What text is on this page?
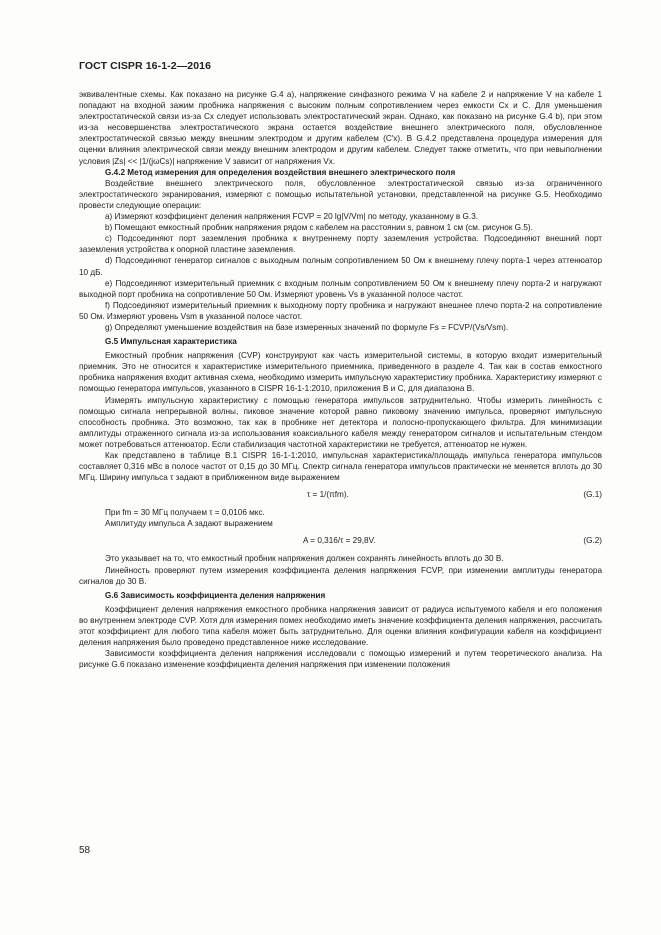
ГОСТ CISPR 16-1-2—2016

эквивалентные схемы. Как показано на рисунке G.4 a), напряжение синфазного режима V на кабеле 2 и напряжение V на кабеле 1 попадают на входной зажим пробника напряжения с высоким полным сопротивлением через емкости Cx и C. Для уменьшения электростатической связи из-за Cx следует использовать электростатический экран. Однако, как показано на рисунке G.4 b), при этом из-за несовершенства электростатического экрана остается воздействие внешнего электрического поля, обусловленное электростатической связью между внешним электродом и другим кабелем (C′x). В G.4.2 представлена процедура измерения для оценки влияния электрической связи между внешним электродом и другим кабелем. Следует также отметить, что при невыполнении условия |Zs| << |1/(jωCs)| напряжение V зависит от напряжения Vx.

G.4.2 Метод измерения для определения воздействия внешнего электрического поля

Воздействие внешнего электрического поля, обусловленное электростатической связью из-за ограниченного электростатического экранирования, измеряют с помощью испытательной установки, представленной на рисунке G.5. Необходимо провести следующие операции:

a) Измеряют коэффициент деления напряжения FCVP = 20 lg|V/Vm| по методу, указанному в G.3.

b) Помещают емкостный пробник напряжения рядом с кабелем на расстоянии s, равном 1 см (см. рисунок G.5).

c) Подсоединяют порт заземления пробника к внутреннему порту заземления устройства. Подсоединяют внешний порт заземления устройства к опорной пластине заземления.

d) Подсоединяют генератор сигналов с выходным полным сопротивлением 50 Ом к внешнему плечу порта-1 через аттенюатор 10 дБ.

e) Подсоединяют измерительный приемник с входным полным сопротивлением 50 Ом к внешнему плечу порта-2 и нагружают выходной порт пробника на сопротивление 50 Ом. Измеряют уровень Vs в указанной полосе частот.

f) Подсоединяют измерительный приемник к выходному порту пробника и нагружают внешнее плечо порта-2 на сопротивление 50 Ом. Измеряют уровень Vsm в указанной полосе частот.

g) Определяют уменьшение воздействия на базе измеренных значений по формуле Fs = FCVP/(Vs/Vsm).

G.5 Импульсная характеристика

Емкостный пробник напряжения (CVP) конструируют как часть измерительной системы, в которую входит измерительный приемник. Это не относится к характеристике измерительного приемника, приведенного в разделе 4. Так как в состав емкостного пробника напряжения входит активная схема, необходимо измерить импульсную характеристику пробника. Характеристику измеряют с помощью генератора импульсов, указанного в CISPR 16-1-1:2010, приложения B и C, для диапазона B.

Измерять импульсную характеристику с помощью генератора импульсов затруднительно. Чтобы измерить линейность с помощью сигнала непрерывной волны, пиковое значение которой равно пиковому значению импульса, проверяют импульсную способность пробника. Это возможно, так как в пробнике нет детектора и полосно-пропускающего фильтра. Для минимизации амплитуды отраженного сигнала из-за использования коаксиального кабеля между генератором сигналов и испытательным стендом может потребоваться аттенюатор. Если стабилизация частотной характеристики не требуется, аттенюатор не нужен.

Как представлено в таблице B.1 CISPR 16-1-1:2010, импульсная характеристика/площадь импульса генератора импульсов составляет 0,316 мВс в полосе частот от 0,15 до 30 МГц. Спектр сигнала генератора импульсов практически не меняется вплоть до 30 МГц. Ширину импульса τ задают в приближенном виде выражением

τ = 1/(πfm).	(G.1)

При fm = 30 МГц получаем τ = 0,0106 мкс.

Амплитуду импульса A задают выражением

A = 0,316/τ = 29,8V.	(G.2)

Это указывает на то, что емкостный пробник напряжения должен сохранять линейность вплоть до 30 В.

Линейность проверяют путем измерения коэффициента деления напряжения FCVP, при изменении амплитуды генератора сигналов до 30 В.

G.6 Зависимость коэффициента деления напряжения

Коэффициент деления напряжения емкостного пробника напряжения зависит от радиуса испытуемого кабеля и его положения во внутреннем электроде CVP. Хотя для измерения помех необходимо иметь значение коэффициента деления напряжения, рассчитать этот коэффициент для любого типа кабеля может быть затруднительно. Для оценки влияния конфигурации кабеля на коэффициент деления напряжения было проведено представленное ниже исследование.

Зависимости коэффициента деления напряжения исследовали с помощью измерений и путем теоретического анализа. На рисунке G.6 показано изменение коэффициента деления напряжения при изменении положения

58
